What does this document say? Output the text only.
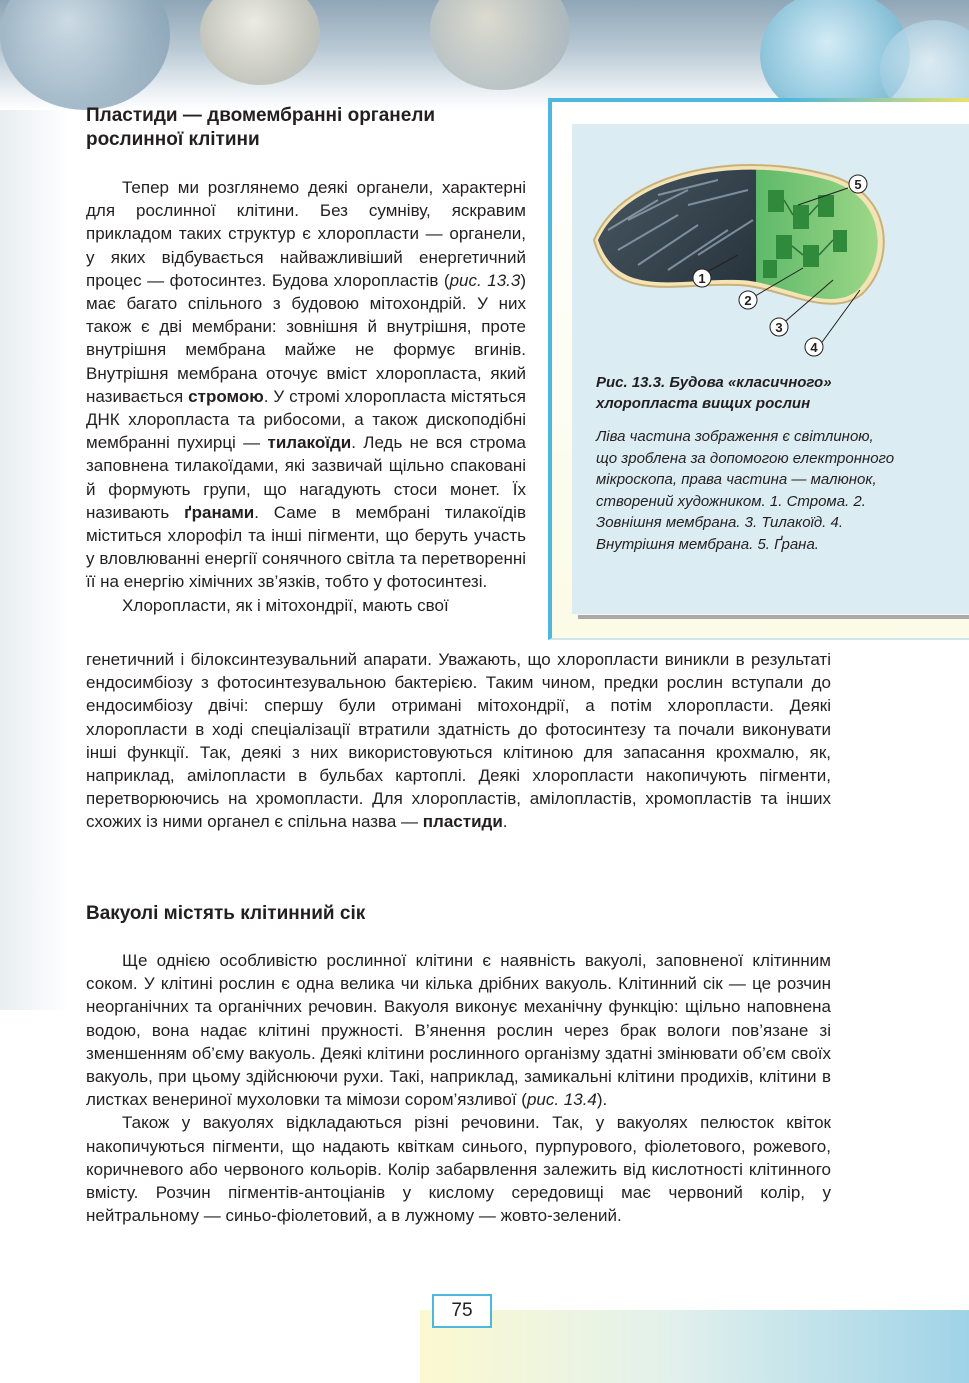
Пластиди — двомембранні органели
рослинної клітини

Тепер ми розглянемо деякі органели, характерні для рослинної клітини. Без сумніву, яскравим прикладом таких структур є хлоропласти — органели, у яких відбувається найважливіший енергетичний процес — фотосинтез. Будова хлоропластів (рис. 13.3) має багато спільного з будовою мітохондрій. У них також є дві мембрани: зовнішня й внутрішня, проте внутрішня мембрана майже не формує вгинів. Внутрішня мембрана оточує вміст хлоропласта, який називається стромою. У стромі хлоропласта містяться ДНК хлоропласта та рибосоми, а також дископодібні мембранні пухирці — тилакоїди. Ледь не вся строма заповнена тилакоїдами, які зазвичай щільно спаковані й формують групи, що нагадують стоси монет. Їх називають ґранами. Саме в мембрані тилакоїдів міститься хлорофіл та інші пігменти, що беруть участь у вловлюванні енергії сонячного світла та перетворенні її на енергію хімічних зв’язків, тобто у фотосинтезі.

Хлоропласти, як і мітохондрії, мають свої

1
2
3
4
5
Рис. 13.3. Будова «класичного» хлоропласта вищих рослин
Ліва частина зображення є світлиною, що зроблена за допомогою електронного мікроскопа, права частина — малюнок, створений художником. 1. Строма. 2. Зовнішня мембрана. 3. Тилакоїд. 4. Внутрішня мембрана. 5. Ґрана.

генетичний і білоксинтезувальний апарати. Уважають, що хлоропласти виникли в результаті ендосимбіозу з фотосинтезувальною бактерією. Таким чином, предки рослин вступали до ендосимбіозу двічі: спершу були отримані мітохондрії, а потім хлоропласти. Деякі хлоропласти в ході спеціалізації втратили здатність до фотосинтезу та почали виконувати інші функції. Так, деякі з них використовуються клітиною для запасання крохмалю, як, наприклад, амілопласти в бульбах картоплі. Деякі хлоропласти накопичують пігменти, перетворюючись на хромопласти. Для хлоропластів, амілопластів, хромопластів та інших схожих із ними органел є спільна назва — пластиди.

Вакуолі містять клітинний сік

Ще однією особливістю рослинної клітини є наявність вакуолі, заповненої клітинним соком. У клітині рослин є одна велика чи кілька дрібних вакуоль. Клітинний сік — це розчин неорганічних та органічних речовин. Вакуоля виконує механічну функцію: щільно наповнена водою, вона надає клітині пружності. В’янення рослин через брак вологи пов’язане зі зменшенням об’єму вакуоль. Деякі клітини рослинного організму здатні змінювати об’єм своїх вакуоль, при цьому здійснюючи рухи. Такі, наприклад, замикальні клітини продихів, клітини в листках венериної мухоловки та мімози сором’язливої (рис. 13.4).

Також у вакуолях відкладаються різні речовини. Так, у вакуолях пелюсток квіток накопичуються пігменти, що надають квіткам синього, пурпурового, фіолетового, рожевого, коричневого або червоного кольорів. Колір забарвлення залежить від кислотності клітинного вмісту. Розчин пігментів-антоціанів у кислому середовищі має червоний колір, у нейтральному — синьо-фіолетовий, а в лужному — жовто-зелений.

75
